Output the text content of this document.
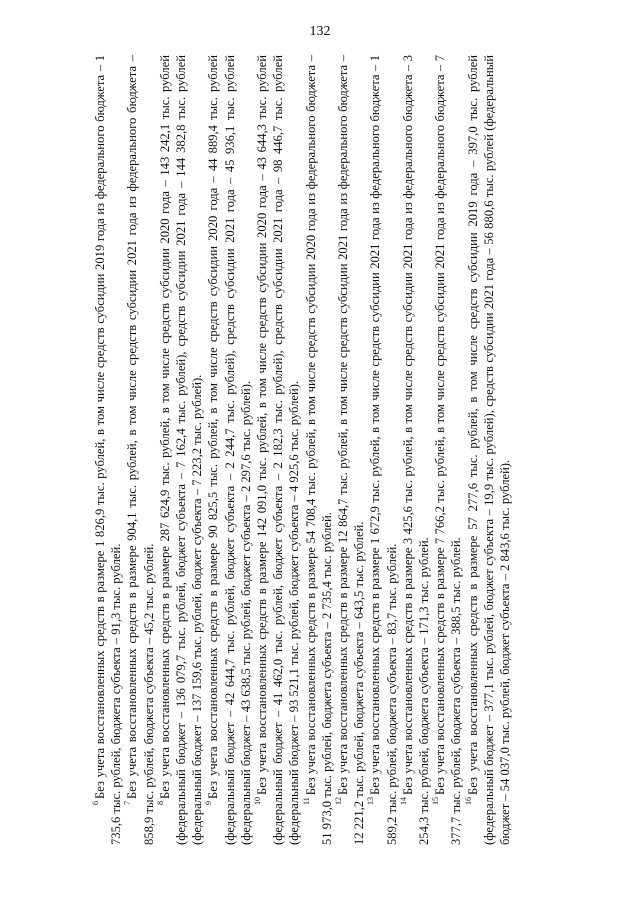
132

$^6$Без учета восстановленных средств в размере 1 826,9 тыс. рублей, в том числе средств субсидии 2019 года из федерального бюджета – 1 735,6 тыс. рублей, бюджета субъекта – 91,3 тыс. рублей. $^7$Без учета восстановленных средств в размере 904,1 тыс. рублей, в том числе средств субсидии 2021 года из федерального бюджета – 858,9 тыс. рублей, бюджета субъекта – 45,2 тыс. рублей. $^8$Без учета восстановленных средств в размере 287 624,9 тыс. рублей, в том числе средств субсидии 2020 года – 143 242,1 тыс. рублей (федеральный бюджет – 136 079,7 тыс. рублей, бюджет субъекта – 7 162,4 тыс. рублей), средств субсидии 2021 года – 144 382,8 тыс. рублей (федеральный бюджет – 137 159,6 тыс. рублей, бюджет субъекта – 7 223,2 тыс. рублей). $^9$Без учета восстановленных средств в размере 90 825,5 тыс. рублей, в том числе средств субсидии 2020 года – 44 889,4 тыс. рублей (федеральный бюджет – 42 644,7 тыс. рублей, бюджет субъекта – 2 244,7 тыс. рублей), средств субсидии 2021 года – 45 936,1 тыс. рублей (федеральный бюджет – 43 638,5 тыс. рублей, бюджет субъекта – 2 297,6 тыс. рублей). $^{10}$Без учета восстановленных средств в размере 142 091,0 тыс. рублей, в том числе средств субсидии 2020 года – 43 644,3 тыс. рублей (федеральный бюджет – 41 462,0 тыс. рублей, бюджет субъекта – 2 182,3 тыс. рублей), средств субсидии 2021 года – 98 446,7 тыс. рублей (федеральный бюджет – 93 521,1 тыс. рублей, бюджет субъекта – 4 925,6 тыс. рублей). $^{11}$Без учета восстановленных средств в размере 54 708,4 тыс. рублей, в том числе средств субсидии 2020 года из федерального бюджета – 51 973,0 тыс. рублей, бюджета субъекта – 2 735,4 тыс. рублей. $^{12}$Без учета восстановленных средств в размере 12 864,7 тыс. рублей, в том числе средств субсидии 2021 года из федерального бюджета – 12 221,2 тыс. рублей, бюджета субъекта – 643,5 тыс. рублей. $^{13}$Без учета восстановленных средств в размере 1 672,9 тыс. рублей, в том числе средств субсидии 2021 года из федерального бюджета – 1 589,2 тыс. рублей, бюджета субъекта – 83,7 тыс. рублей. $^{14}$Без учета восстановленных средств в размере 3 425,6 тыс. рублей, в том числе средств субсидии 2021 года из федерального бюджета – 3 254,3 тыс. рублей, бюджета субъекта – 171,3 тыс. рублей. $^{15}$Без учета восстановленных средств в размере 7 766,2 тыс. рублей, в том числе средств субсидии 2021 года из федерального бюджета – 7 377,7 тыс. рублей, бюджета субъекта – 388,5 тыс. рублей. $^{16}$Без учета восстановленных средств в размере 57 277,6 тыс. рублей, в том числе средств субсидии 2019 года – 397,0 тыс. рублей (федеральный бюджет – 377,1 тыс. рублей, бюджет субъекта – 19,9 тыс. рублей), средств субсидии 2021 года – 56 880,6 тыс. рублей (федеральный бюджет – 54 037,0 тыс. рублей, бюджет субъекта – 2 843,6 тыс. рублей).
